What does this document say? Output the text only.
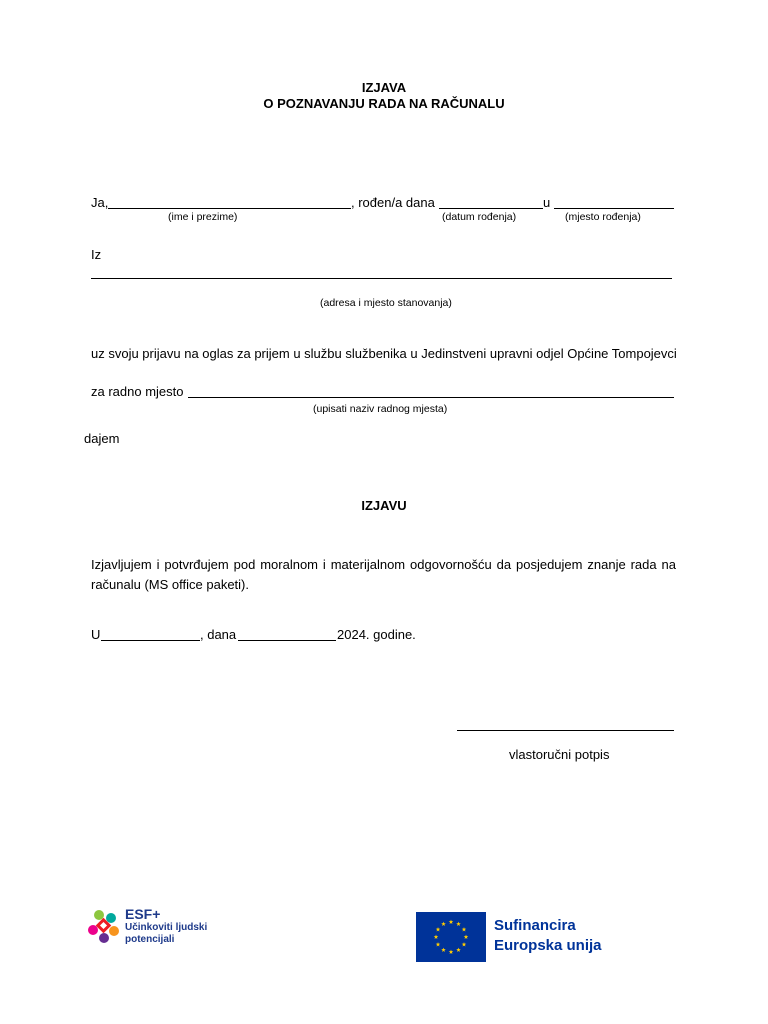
IZJAVA
O POZNAVANJU RADA NA RAČUNALU
Ja,	, rođen/a dana	u
(ime i prezime)	(datum rođenja)	(mjesto rođenja)
Iz
(adresa i mjesto stanovanja)
uz svoju prijavu na oglas za prijem u službu službenika u Jedinstveni upravni odjel Općine Tompojevci
za radno mjesto
(upisati naziv radnog mjesta)
dajem
IZJAVU
Izjavljujem i potvrđujem pod moralnom i materijalnom odgovornošću da posjedujem znanje rada na računalu (MS office paketi).
U	, dana	2024. godine.
vlastoručni potpis
ESF+
Učinkoviti ljudski
potencijali
Sufinancira
Europska unija
